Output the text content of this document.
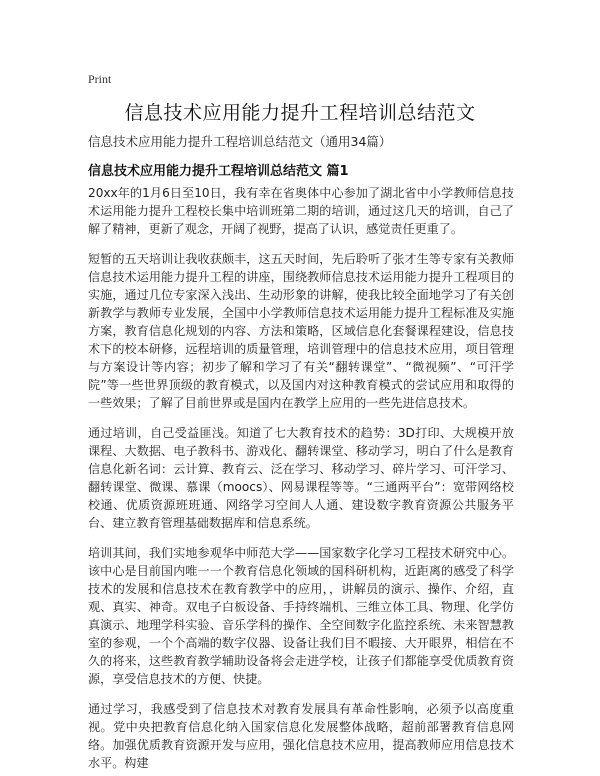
Print
信息技术应用能力提升工程培训总结范文
信息技术应用能力提升工程培训总结范文（通用34篇）
信息技术应用能力提升工程培训总结范文 篇1

20xx年的1月6日至10日，我有幸在省奥体中心参加了湖北省中小学教师信息技术运用能力提升工程校长集中培训班第二期的培训，通过这几天的培训，自己了解了精神，更新了观念，开阔了视野，提高了认识，感觉责任更重了。

短暂的五天培训让我收获颇丰，这五天时间，先后聆听了张才生等专家有关教师信息技术运用能力提升工程的讲座，围绕教师信息技术运用能力提升工程项目的实施，通过几位专家深入浅出、生动形象的讲解，使我比较全面地学习了有关创新教学与教师专业发展，全国中小学教师信息技术运用能力提升工程标准及实施方案，教育信息化规划的内容、方法和策略，区域信息化套餐课程建设，信息技术下的校本研修，远程培训的质量管理，培训管理中的信息技术应用，项目管理与方案设计等内容；初步了解和学习了有关“翻转课堂”、“微视频”、“可汗学院”等一些世界顶级的教育模式，以及国内对这种教育模式的尝试应用和取得的一些效果；了解了目前世界或是国内在教学上应用的一些先进信息技术。

通过培训，自己受益匪浅。知道了七大教育技术的趋势：3D打印、大规模开放课程、大数据、电子教科书、游戏化、翻转课堂、移动学习，明白了什么是教育信息化新名词：云计算、教育云、泛在学习、移动学习、碎片学习、可汗学习、翻转课堂、微课、慕课（moocs）、网易课程等等。“三通两平台”：宽带网络校校通、优质资源班班通、网络学习空间人人通、建设数字教育资源公共服务平台、建立教育管理基础数据库和信息系统。

培训其间，我们实地参观华中师范大学——国家数字化学习工程技术研究中心。该中心是目前国内唯一一个教育信息化领域的国科研机构，近距离的感受了科学技术的发展和信息技术在教育教学中的应用，，讲解员的演示、操作、介绍，直观、真实、神奇。双电子白板设备、手持终端机、三维立体工具、物理、化学仿真演示、地理学科实验、音乐学科的操作、全空间数字化监控系统、未来智慧教室的参观，一个个高端的数字仪器、设备让我们目不暇接、大开眼界，相信在不久的将来，这些教育教学辅助设备将会走进学校，让孩子们都能享受优质教育资源，享受信息技术的方便、快捷。

通过学习，我感受到了信息技术对教育发展具有革命性影响，必须予以高度重视。党中央把教育信息化纳入国家信息化发展整体战略，超前部署教育信息网络。加强优质教育资源开发与应用，强化信息技术应用，提高教师应用信息技术水平。构建
